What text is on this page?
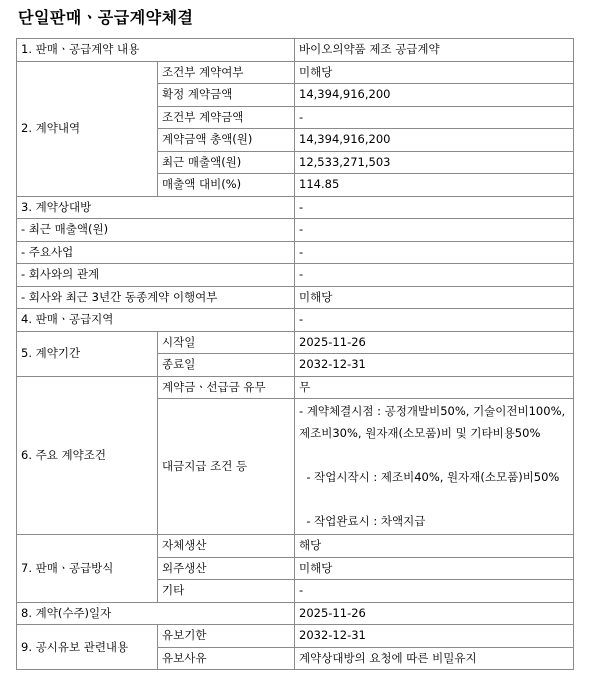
단일판매ㆍ공급계약체결
1. 판매ㆍ공급계약 내용		바이오의약품 제조 공급계약
2. 계약내역	조건부 계약여부	미해당
	확정 계약금액	14,394,916,200
	조건부 계약금액	-
	계약금액 총액(원)	14,394,916,200
	최근 매출액(원)	12,533,271,503
	매출액 대비(%)	114.85
3. 계약상대방		-
- 최근 매출액(원)		-
- 주요사업		-
- 회사와의 관계		-
- 회사와 최근 3년간 동종계약 이행여부		미해당
4. 판매ㆍ공급지역		-
5. 계약기간	시작일	2025-11-26
	종료일	2032-12-31
6. 주요 계약조건	계약금ㆍ선급금 유무	무
	대금지급 조건 등	- 계약체결시점 : 공정개발비50%, 기술이전비100%, 제조비30%, 원자재(소모품)비 및 기타비용50%
- 작업시작시 : 제조비40%, 원자재(소모품)비50%
- 작업완료시 : 차액지급

7. 판매ㆍ공급방식	자체생산	해당
	외주생산	미해당
	기타	-
8. 계약(수주)일자		2025-11-26
9. 공시유보 관련내용	유보기한	2032-12-31
	유보사유	계약상대방의 요청에 따른 비밀유지
